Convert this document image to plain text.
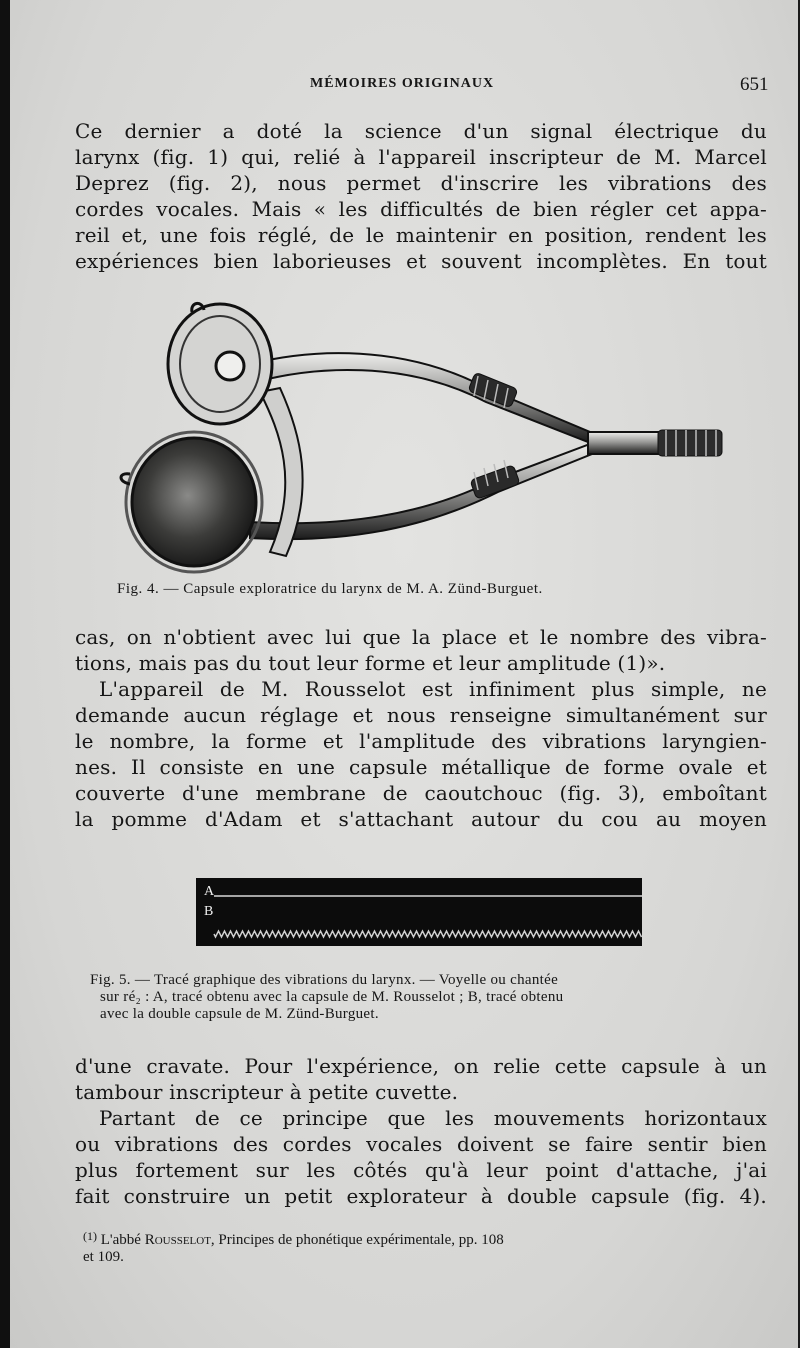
MÉMOIRES ORIGINAUX	651

Ce dernier a doté la science d'un signal électrique du
larynx (fig. 1) qui, relié à l'appareil inscripteur de M. Marcel
Deprez (fig. 2), nous permet d'inscrire les vibrations des
cordes vocales. Mais « les difficultés de bien régler cet appa-
reil et, une fois réglé, de le maintenir en position, rendent les
expériences bien laborieuses et souvent incomplètes. En tout

Fig. 4. — Capsule exploratrice du larynx de M. A. Zünd-Burguet.

cas, on n'obtient avec lui que la place et le nombre des vibra-
tions, mais pas du tout leur forme et leur amplitude (1)».

L'appareil de M. Rousselot est infiniment plus simple, ne
demande aucun réglage et nous renseigne simultanément sur
le nombre, la forme et l'amplitude des vibrations laryngien-
nes. Il consiste en une capsule métallique de forme ovale et
couverte d'une membrane de caoutchouc (fig. 3), emboîtant
la pomme d'Adam et s'attachant autour du cou au moyen

A
B

Fig. 5. — Tracé graphique des vibrations du larynx. — Voyelle ou chantée
sur ré₂ : A, tracé obtenu avec la capsule de M. Rousselot ; B, tracé obtenu
avec la double capsule de M. Zünd-Burguet.

d'une cravate. Pour l'expérience, on relie cette capsule à un
tambour inscripteur à petite cuvette.

Partant de ce principe que les mouvements horizontaux
ou vibrations des cordes vocales doivent se faire sentir bien
plus fortement sur les côtés qu'à leur point d'attache, j'ai
fait construire un petit explorateur à double capsule (fig. 4).

$^{(1)}$ L'abbé Rousselot, Principes de phonétique expérimentale, pp. 108
et 109.
